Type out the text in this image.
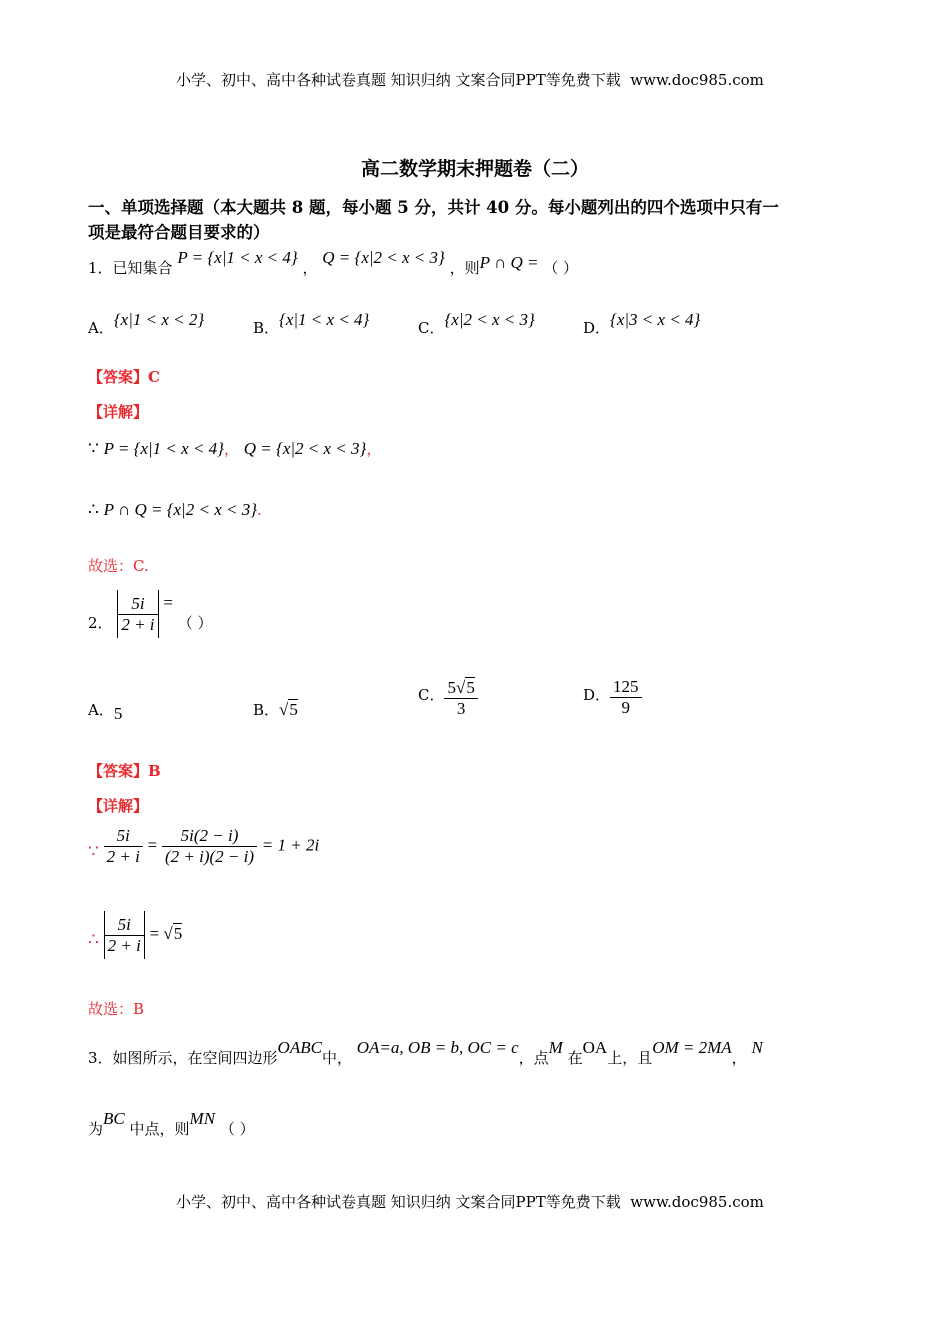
小学、初中、高中各种试卷真题 知识归纳 文案合同PPT等免费下载 www.doc985.com
高二数学期末押题卷（二）
一、单项选择题（本大题共 8 题，每小题 5 分，共计 40 分。每小题列出的四个选项中只有一
项是最符合题目要求的）
1．已知集合 P = {x|1 < x < 4} ， Q = {x|2 < x < 3} ，则P ∩ Q = （ ）
A．{x|1 < x < 2}	B．{x|1 < x < 4}	C．{x|2 < x < 3}	D．{x|3 < x < 4}
【答案】C
【详解】
∵ P = {x|1 < x < 4}， Q = {x|2 < x < 3}，
∴ P ∩ Q = {x|2 < x < 3}.
故选：C.
2． $\frac{5i}{2 + i}$ = （ ）
A．5	B．√5
C． $\frac{5√5}{3}$	D． $\frac{125}{9}$
【答案】B
【详解】
∵ $\frac{5i}{2 + i} = \frac{5i(2 - i)}{(2 + i)(2 - i)} = 1 + 2i$
∴ $\frac{5i}{2 + i} = √5$
故选：B
3．如图所示，在空间四边形OABC中， OA=a, OB = b, OC = c，点M 在OA上，且OM = 2MA， N
为BC 中点，则MN （ ）
小学、初中、高中各种试卷真题 知识归纳 文案合同PPT等免费下载 www.doc985.com
